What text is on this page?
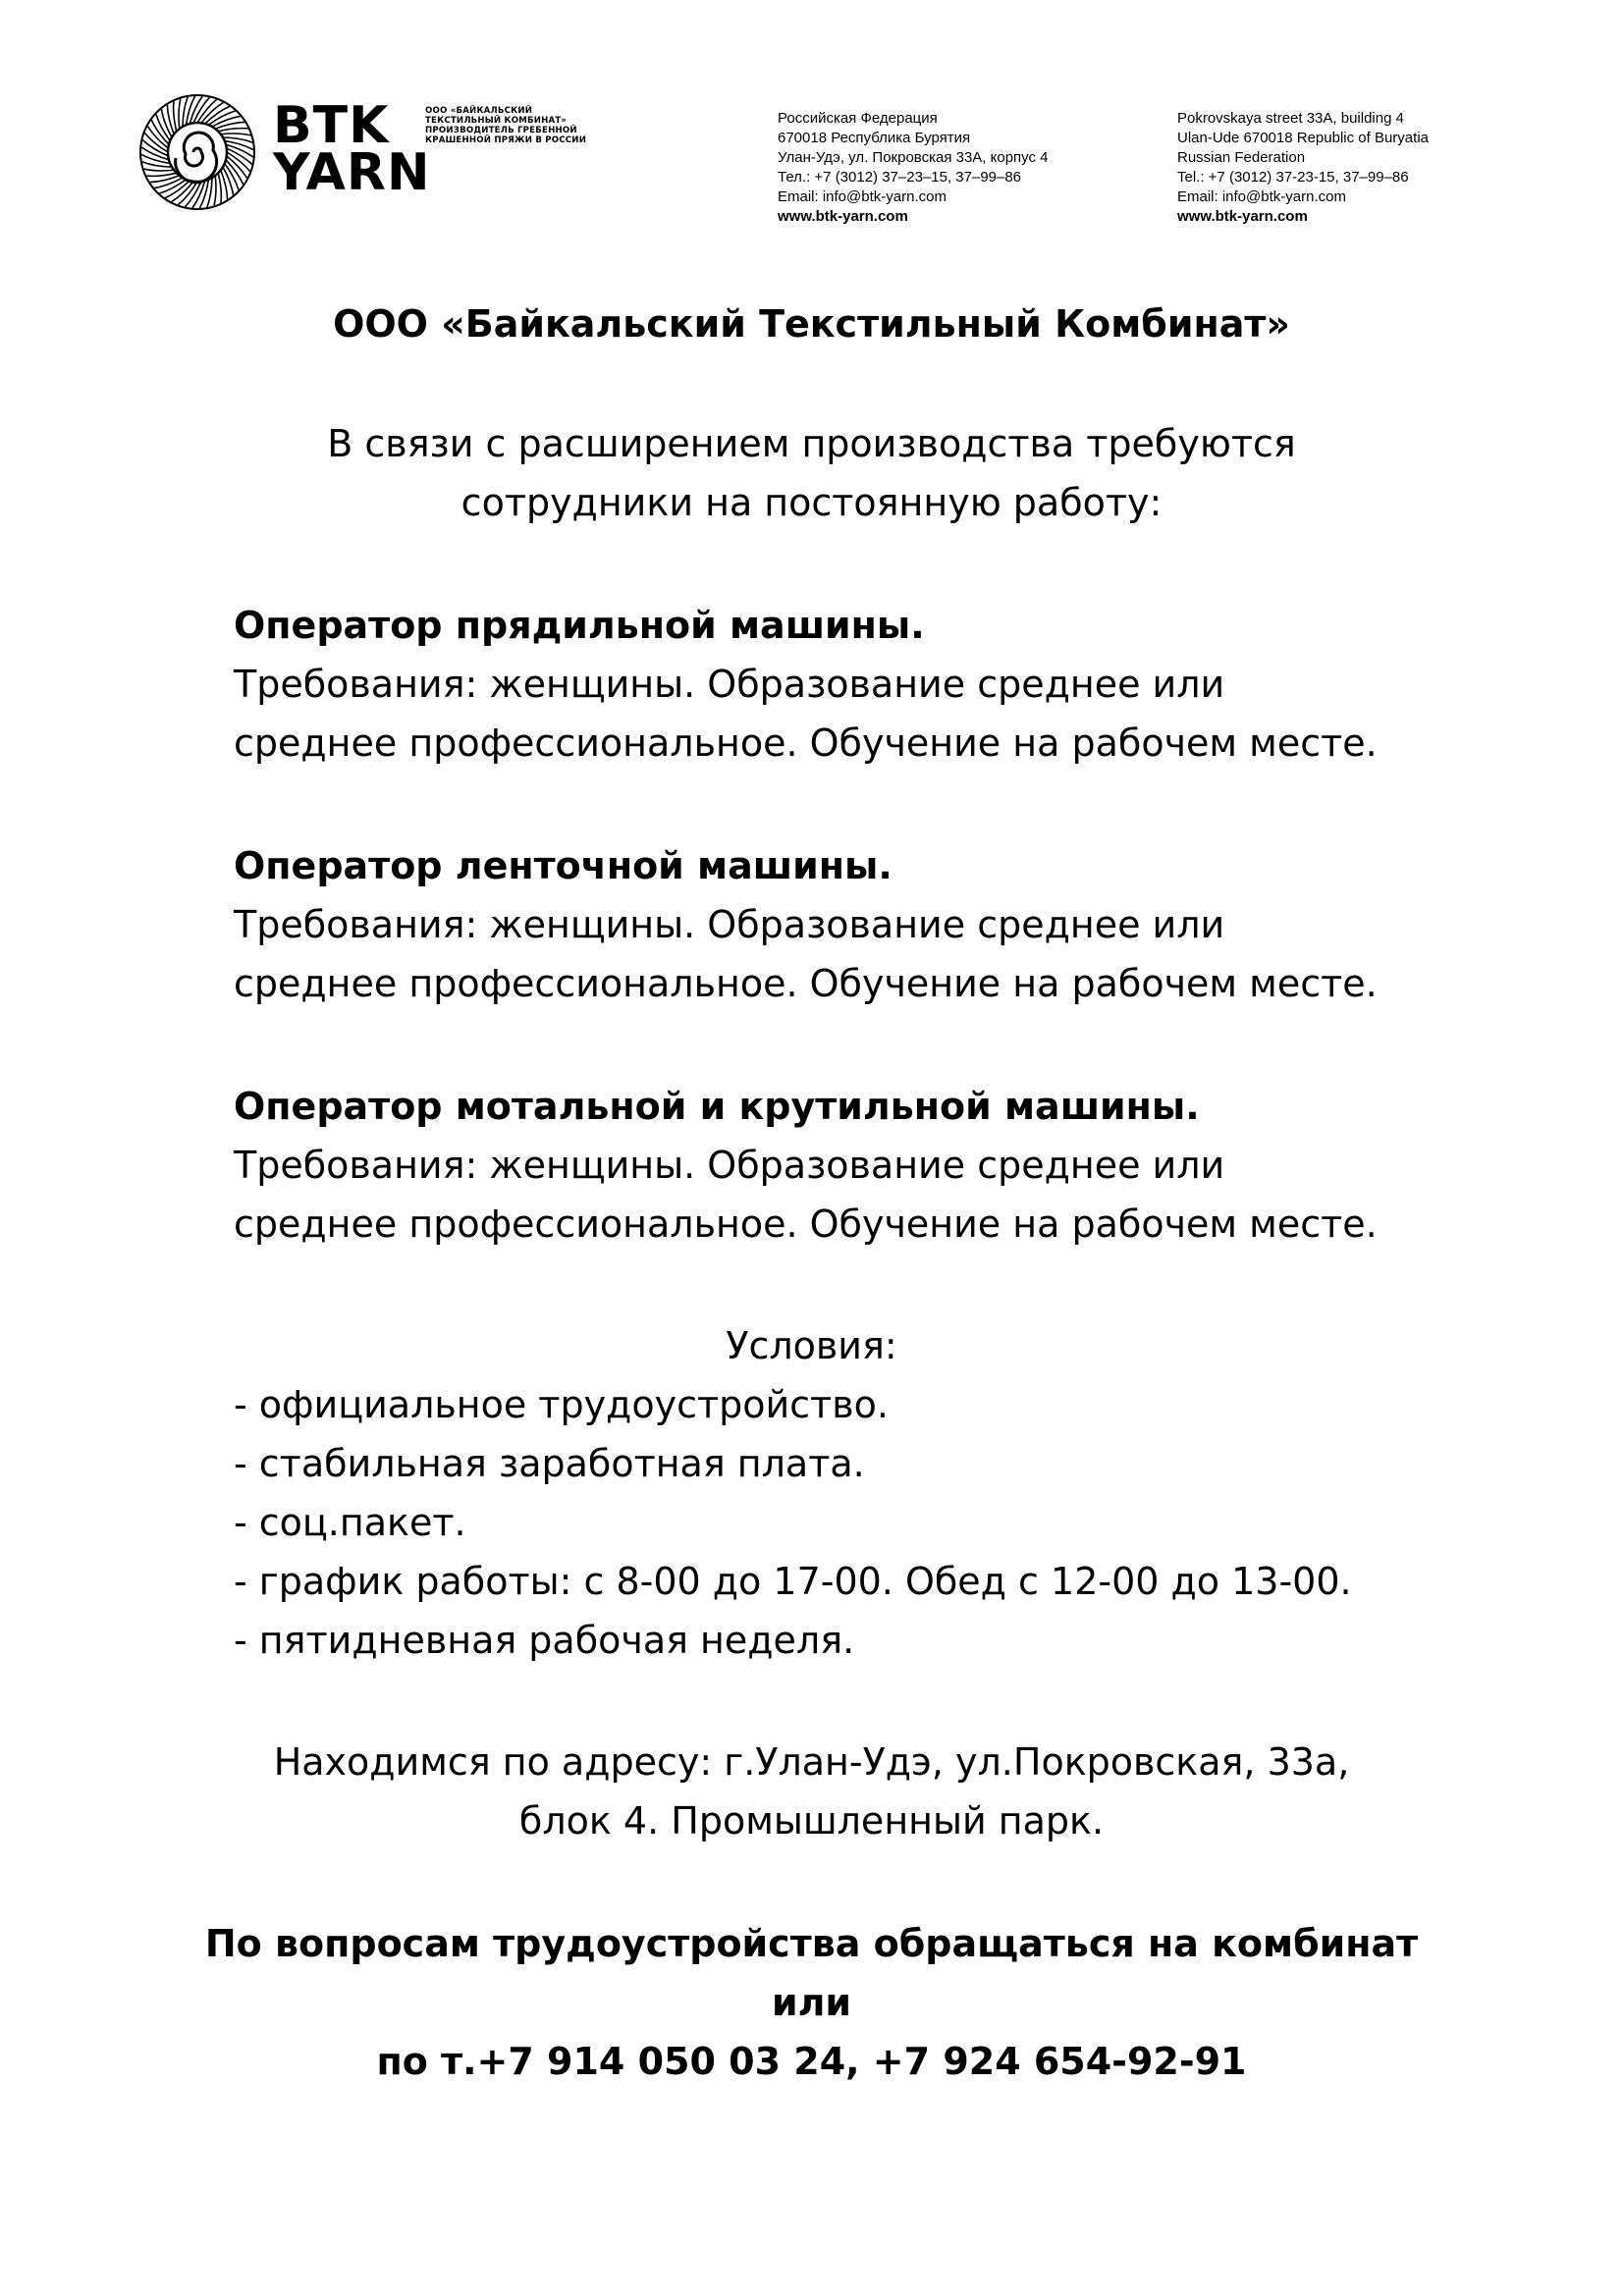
BTK
YARN
ООО «БАЙКАЛЬСКИЙ
ТЕКСТИЛЬНЫЙ КОМБИНАТ»
ПРОИЗВОДИТЕЛЬ ГРЕБЕННОЙ
КРАШЕННОЙ ПРЯЖИ В РОССИИ
Российская Федерация
670018 Республика Бурятия
Улан-Удэ, ул. Покровская 33А, корпус 4
Тел.: +7 (3012) 37–23–15, 37–99–86
Email: info@btk-yarn.com
www.btk-yarn.com
Pokrovskaya street 33A, building 4
Ulan-Ude 670018 Republic of Buryatia
Russian Federation
Tel.: +7 (3012) 37-23-15, 37–99–86
Email: info@btk-yarn.com
www.btk-yarn.com
ООО «Байкальский Текстильный Комбинат»
В связи с расширением производства требуются
сотрудники на постоянную работу:
Оператор прядильной машины.
Требования: женщины. Образование среднее или
среднее профессиональное. Обучение на рабочем месте.
Оператор ленточной машины.
Требования: женщины. Образование среднее или
среднее профессиональное. Обучение на рабочем месте.
Оператор мотальной и крутильной машины.
Требования: женщины. Образование среднее или
среднее профессиональное. Обучение на рабочем месте.
Условия:
- официальное трудоустройство.
- стабильная заработная плата.
- соц.пакет.
- график работы: с 8-00 до 17-00. Обед с 12-00 до 13-00.
- пятидневная рабочая неделя.
Находимся по адресу: г.Улан-Удэ, ул.Покровская, 33а,
блок 4. Промышленный парк.
По вопросам трудоустройства обращаться на комбинат
или
по т.+7 914 050 03 24, +7 924 654-92-91
